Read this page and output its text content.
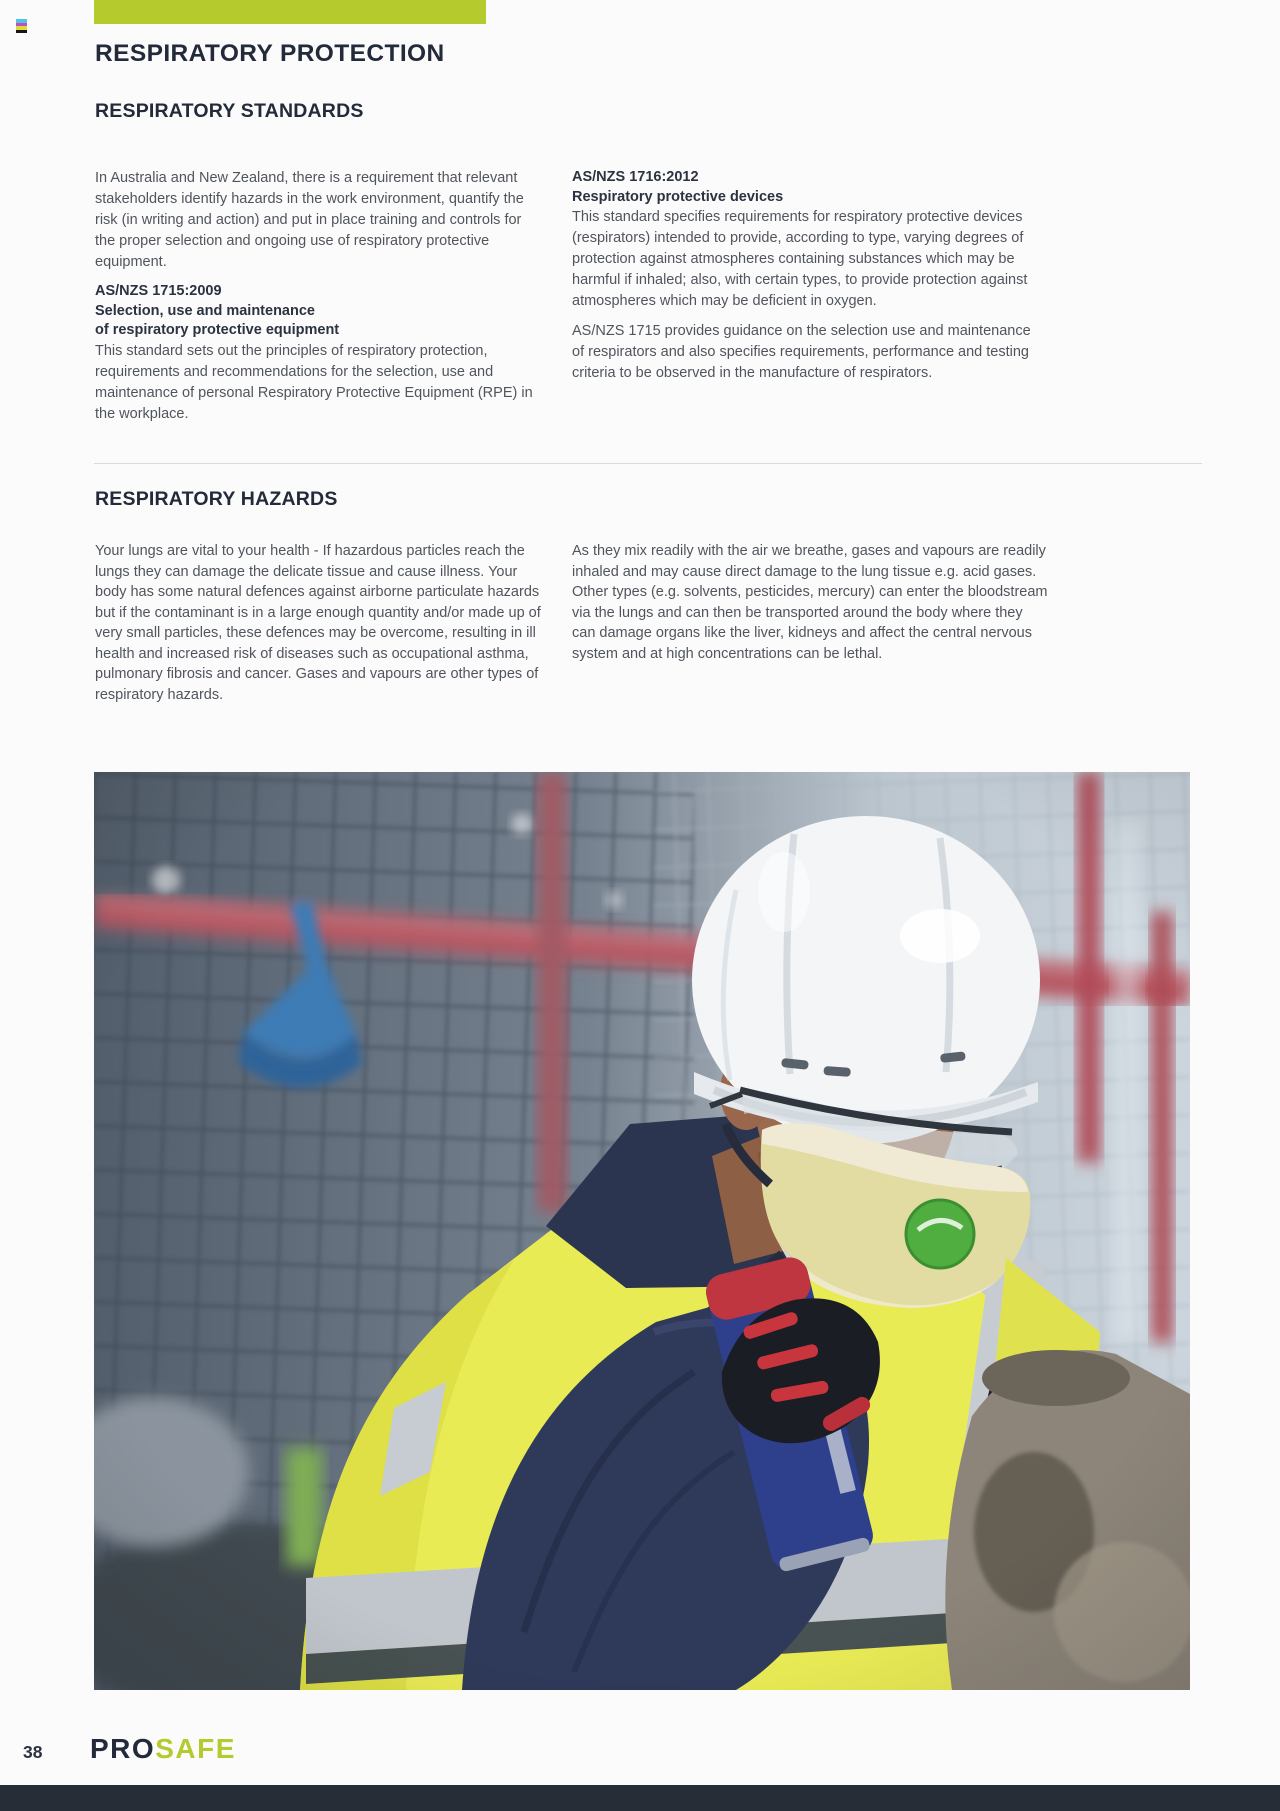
RESPIRATORY PROTECTION
RESPIRATORY STANDARDS

In Australia and New Zealand, there is a requirement that relevant stakeholders identify hazards in the work environment, quantify the risk (in writing and action) and put in place training and controls for the proper selection and ongoing use of respiratory protective equipment.

AS/NZS 1715:2009
Selection, use and maintenance
of respiratory protective equipment

This standard sets out the principles of respiratory protection, requirements and recommendations for the selection, use and maintenance of personal Respiratory Protective Equipment (RPE) in the workplace.

AS/NZS 1716:2012
Respiratory protective devices

This standard specifies requirements for respiratory protective devices (respirators) intended to provide, according to type, varying degrees of protection against atmospheres containing substances which may be harmful if inhaled; also, with certain types, to provide protection against atmospheres which may be deficient in oxygen.

AS/NZS 1715 provides guidance on the selection use and maintenance of respirators and also specifies requirements, performance and testing criteria to be observed in the manufacture of respirators.

RESPIRATORY HAZARDS

Your lungs are vital to your health - If hazardous particles reach the lungs they can damage the delicate tissue and cause illness. Your body has some natural defences against airborne particulate hazards but if the contaminant is in a large enough quantity and/or made up of very small particles, these defences may be overcome, resulting in ill health and increased risk of diseases such as occupational asthma, pulmonary fibrosis and cancer. Gases and vapours are other types of respiratory hazards.

As they mix readily with the air we breathe, gases and vapours are readily inhaled and may cause direct damage to the lung tissue e.g. acid gases. Other types (e.g. solvents, pesticides, mercury) can enter the bloodstream via the lungs and can then be transported around the body where they can damage organs like the liver, kidneys and affect the central nervous system and at high concentrations can be lethal.

38 PROSAFE
